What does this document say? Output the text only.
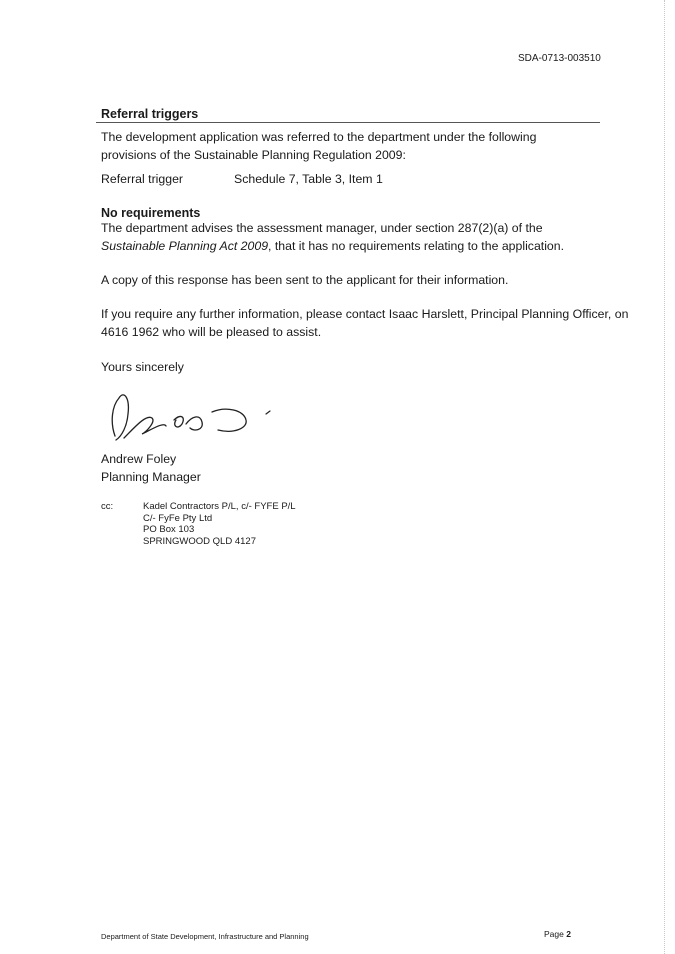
SDA-0713-003510
Referral triggers
The development application was referred to the department under the following
provisions of the Sustainable Planning Regulation 2009:
Referral trigger	Schedule 7, Table 3, Item 1
No requirements
The department advises the assessment manager, under section 287(2)(a) of the
Sustainable Planning Act 2009, that it has no requirements relating to the application.
A copy of this response has been sent to the applicant for their information.
If you require any further information, please contact Isaac Harslett, Principal Planning Officer, on
4616 1962 who will be pleased to assist.
Yours sincerely
Andrew Foley
Planning Manager
cc:	Kadel Contractors P/L, c/- FYFE P/L
C/- FyFe Pty Ltd
PO Box 103
SPRINGWOOD QLD 4127
Department of State Development, Infrastructure and Planning	Page 2
